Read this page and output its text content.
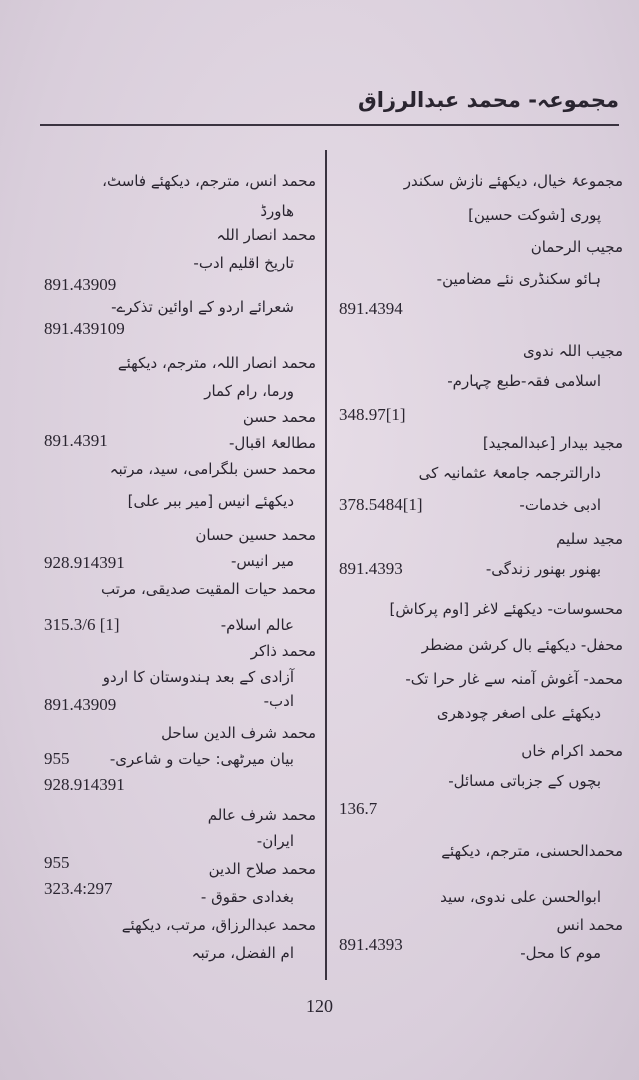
مجموعہ- محمد عبدالرزاق
مجموعۂ خیال، دیکھئے نازش سکندر
پوری [شوکت حسین]
مجیب الرحمان
ہائو سکنڈری نئے مضامین-
891.4394
مجیب اللہ ندوی
اسلامی فقہ-طبع چہارم-
348.97[1]
مجید بیدار [عبدالمجید]
دارالترجمہ جامعۂ عثمانیہ کی
ادبی خدمات-
378.5484[1]
مجید سلیم
بھنور بھنور زندگی-
891.4393
محسوسات- دیکھئے لاغر [اوم پرکاش]
محفل- دیکھئے بال کرشن مضطر
محمد- آغوش آمنہ سے غار حرا تک-
دیکھئے علی اصغر چودھری
محمد اکرام خاں
بچوں کے جزباتی مسائل-
136.7
محمدالحسنی، مترجم، دیکھئے
ابوالحسن علی ندوی، سید
محمد انس
موم کا محل-
891.4393
محمد انس، مترجم، دیکھئے فاسٹ،
ھاورڈ
محمد انصار اللہ
تاریخ اقلیم ادب-
891.43909
شعرائے اردو کے اوائین تذکرے-
891.439109
محمد انصار اللہ، مترجم، دیکھئے
ورما، رام کمار
محمد حسن
مطالعۂ اقبال-
891.4391
محمد حسن بلگرامی، سید، مرتبہ
دیکھئے انیس [میر ببر علی]
محمد حسین حسان
میر انیس-
928.914391
محمد حیات المقیت صدیقی، مرتب
عالم اسلام-
315.3/6 [1]
محمد ذاکر
آزادی کے بعد ہندوستان کا اردو
ادب-
891.43909
محمد شرف الدین ساحل
بیان میرٹھی: حیات و شاعری-
955
928.914391
محمد شرف عالم
ایران-
955	محمد صلاح الدین
بغدادی حقوق -
323.4:297
محمد عبدالرزاق، مرتب، دیکھئے
ام الفضل، مرتبہ
120
